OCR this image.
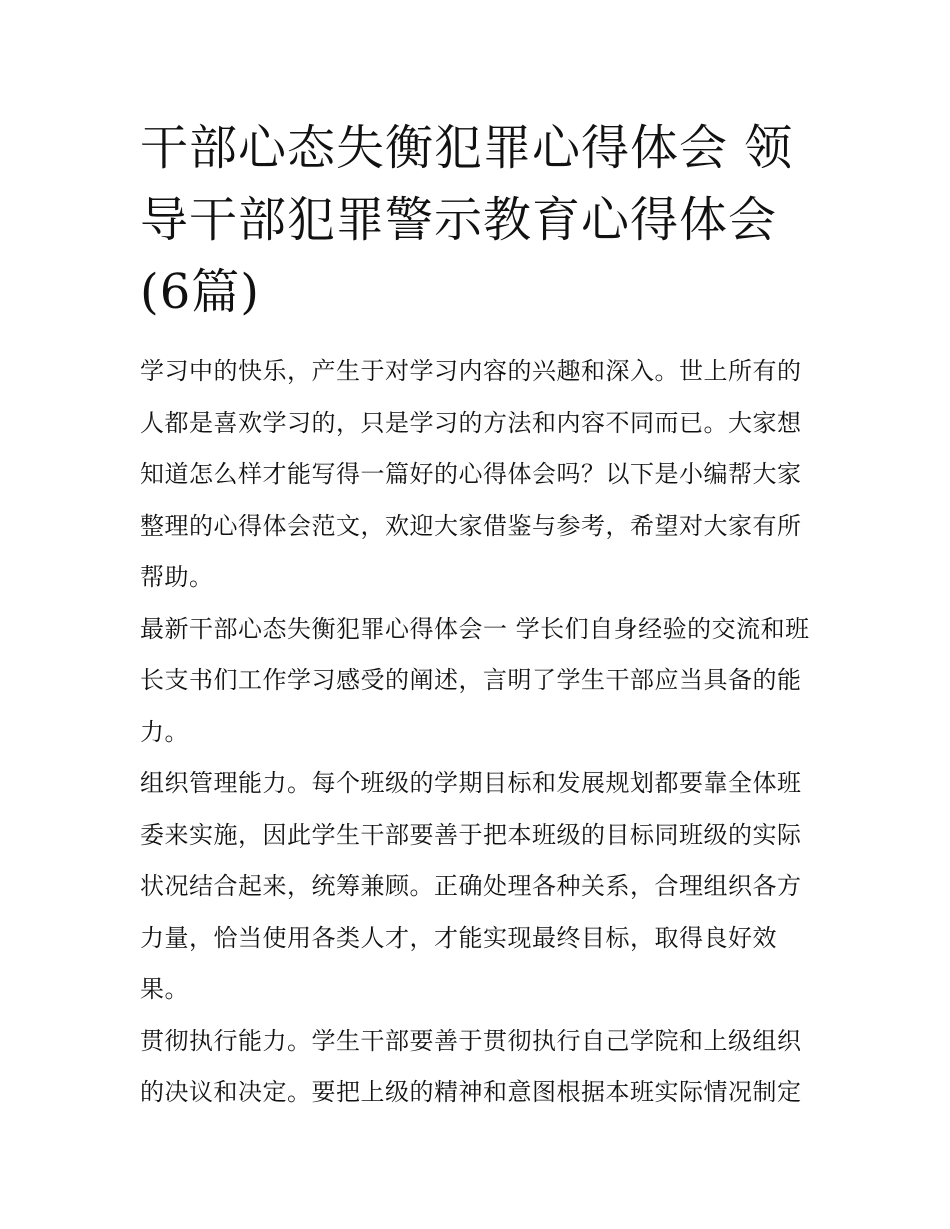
干部心态失衡犯罪心得体会 领导干部犯罪警示教育心得体会(6篇)

学习中的快乐，产生于对学习内容的兴趣和深入。世上所有的人都是喜欢学习的，只是学习的方法和内容不同而已。大家想知道怎么样才能写得一篇好的心得体会吗？以下是小编帮大家整理的心得体会范文，欢迎大家借鉴与参考，希望对大家有所帮助。

最新干部心态失衡犯罪心得体会一 学长们自身经验的交流和班长支书们工作学习感受的阐述，言明了学生干部应当具备的能力。

组织管理能力。每个班级的学期目标和发展规划都要靠全体班委来实施，因此学生干部要善于把本班级的目标同班级的实际状况结合起来，统筹兼顾。正确处理各种关系，合理组织各方力量，恰当使用各类人才，才能实现最终目标，取得良好效果。

贯彻执行能力。学生干部要善于贯彻执行自己学院和上级组织的决议和决定。要把上级的精神和意图根据本班实际情况制定
